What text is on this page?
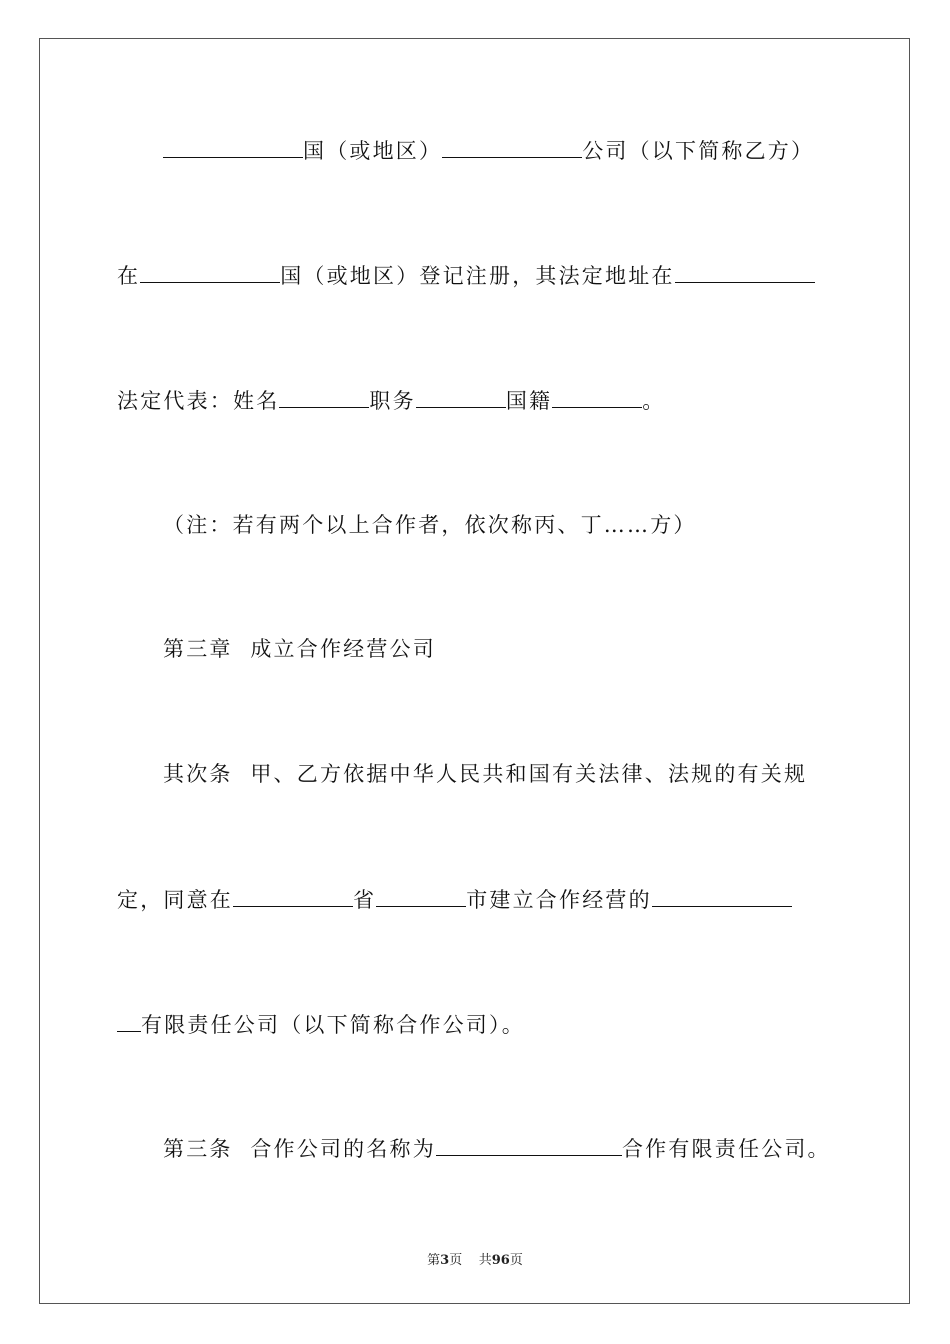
国（或地区）	公司（以下简称乙方）
在	国（或地区）登记注册，其法定地址在
法定代表：姓名	职务	国籍	。
（注：若有两个以上合作者，依次称丙、丁……方）
第三章  成立合作经营公司
其次条  甲、乙方依据中华人民共和国有关法律、法规的有关规
定，同意在	省	市建立合作经营的
有限责任公司（以下简称合作公司）。
第三条  合作公司的名称为	合作有限责任公司。
第3页    共96页
